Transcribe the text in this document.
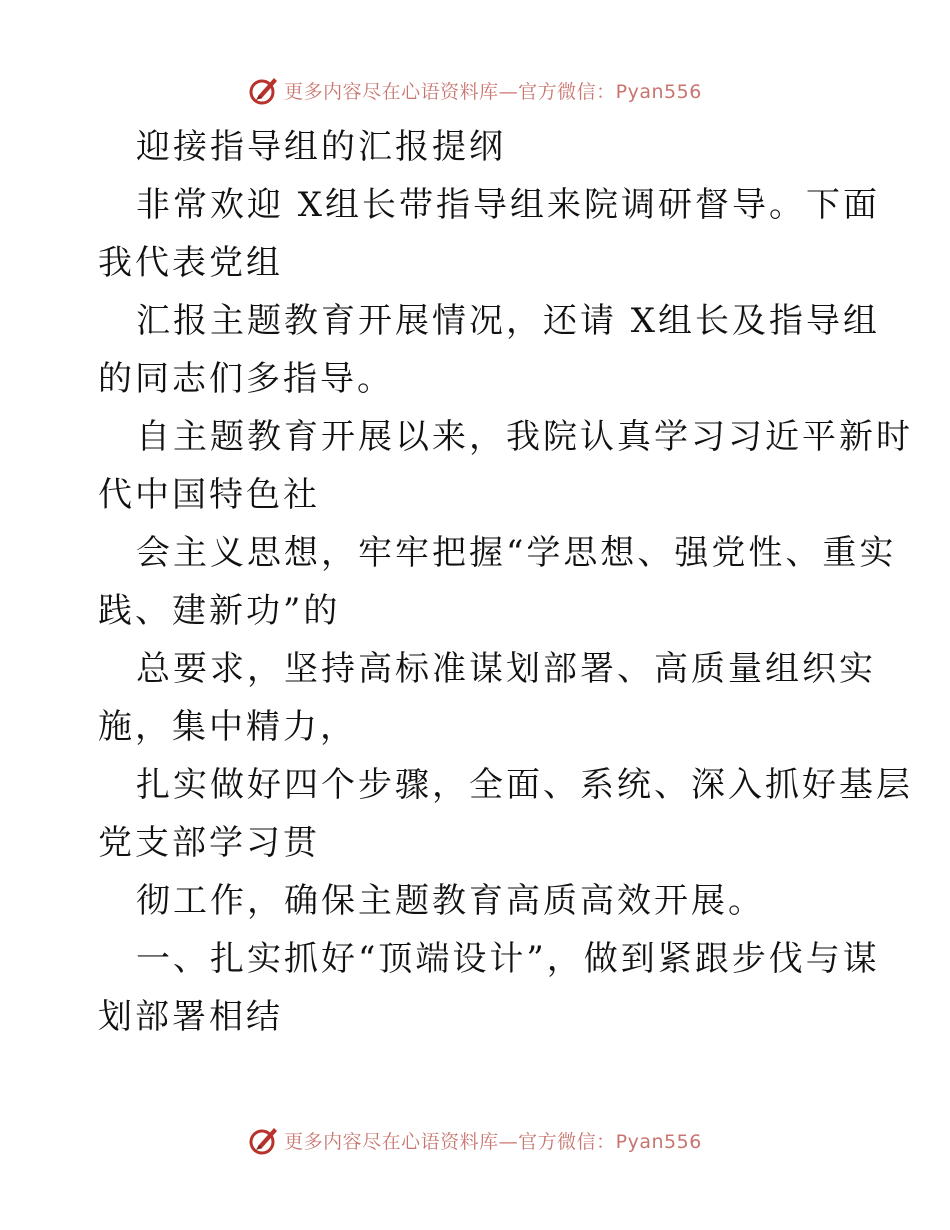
更多内容尽在心语资料库—官方微信：Pyan556
迎接指导组的汇报提纲
非常欢迎 X组长带指导组来院调研督导。下面
我代表党组
汇报主题教育开展情况，还请 X组长及指导组
的同志们多指导。
自主题教育开展以来，我院认真学习习近平新时
代中国特色社
会主义思想，牢牢把握“学思想、强党性、重实
践、建新功”的
总要求，坚持高标准谋划部署、高质量组织实
施，集中精力，
扎实做好四个步骤，全面、系统、深入抓好基层
党支部学习贯
彻工作，确保主题教育高质高效开展。
一、扎实抓好“顶端设计”，做到紧跟步伐与谋
划部署相结
更多内容尽在心语资料库—官方微信：Pyan556
